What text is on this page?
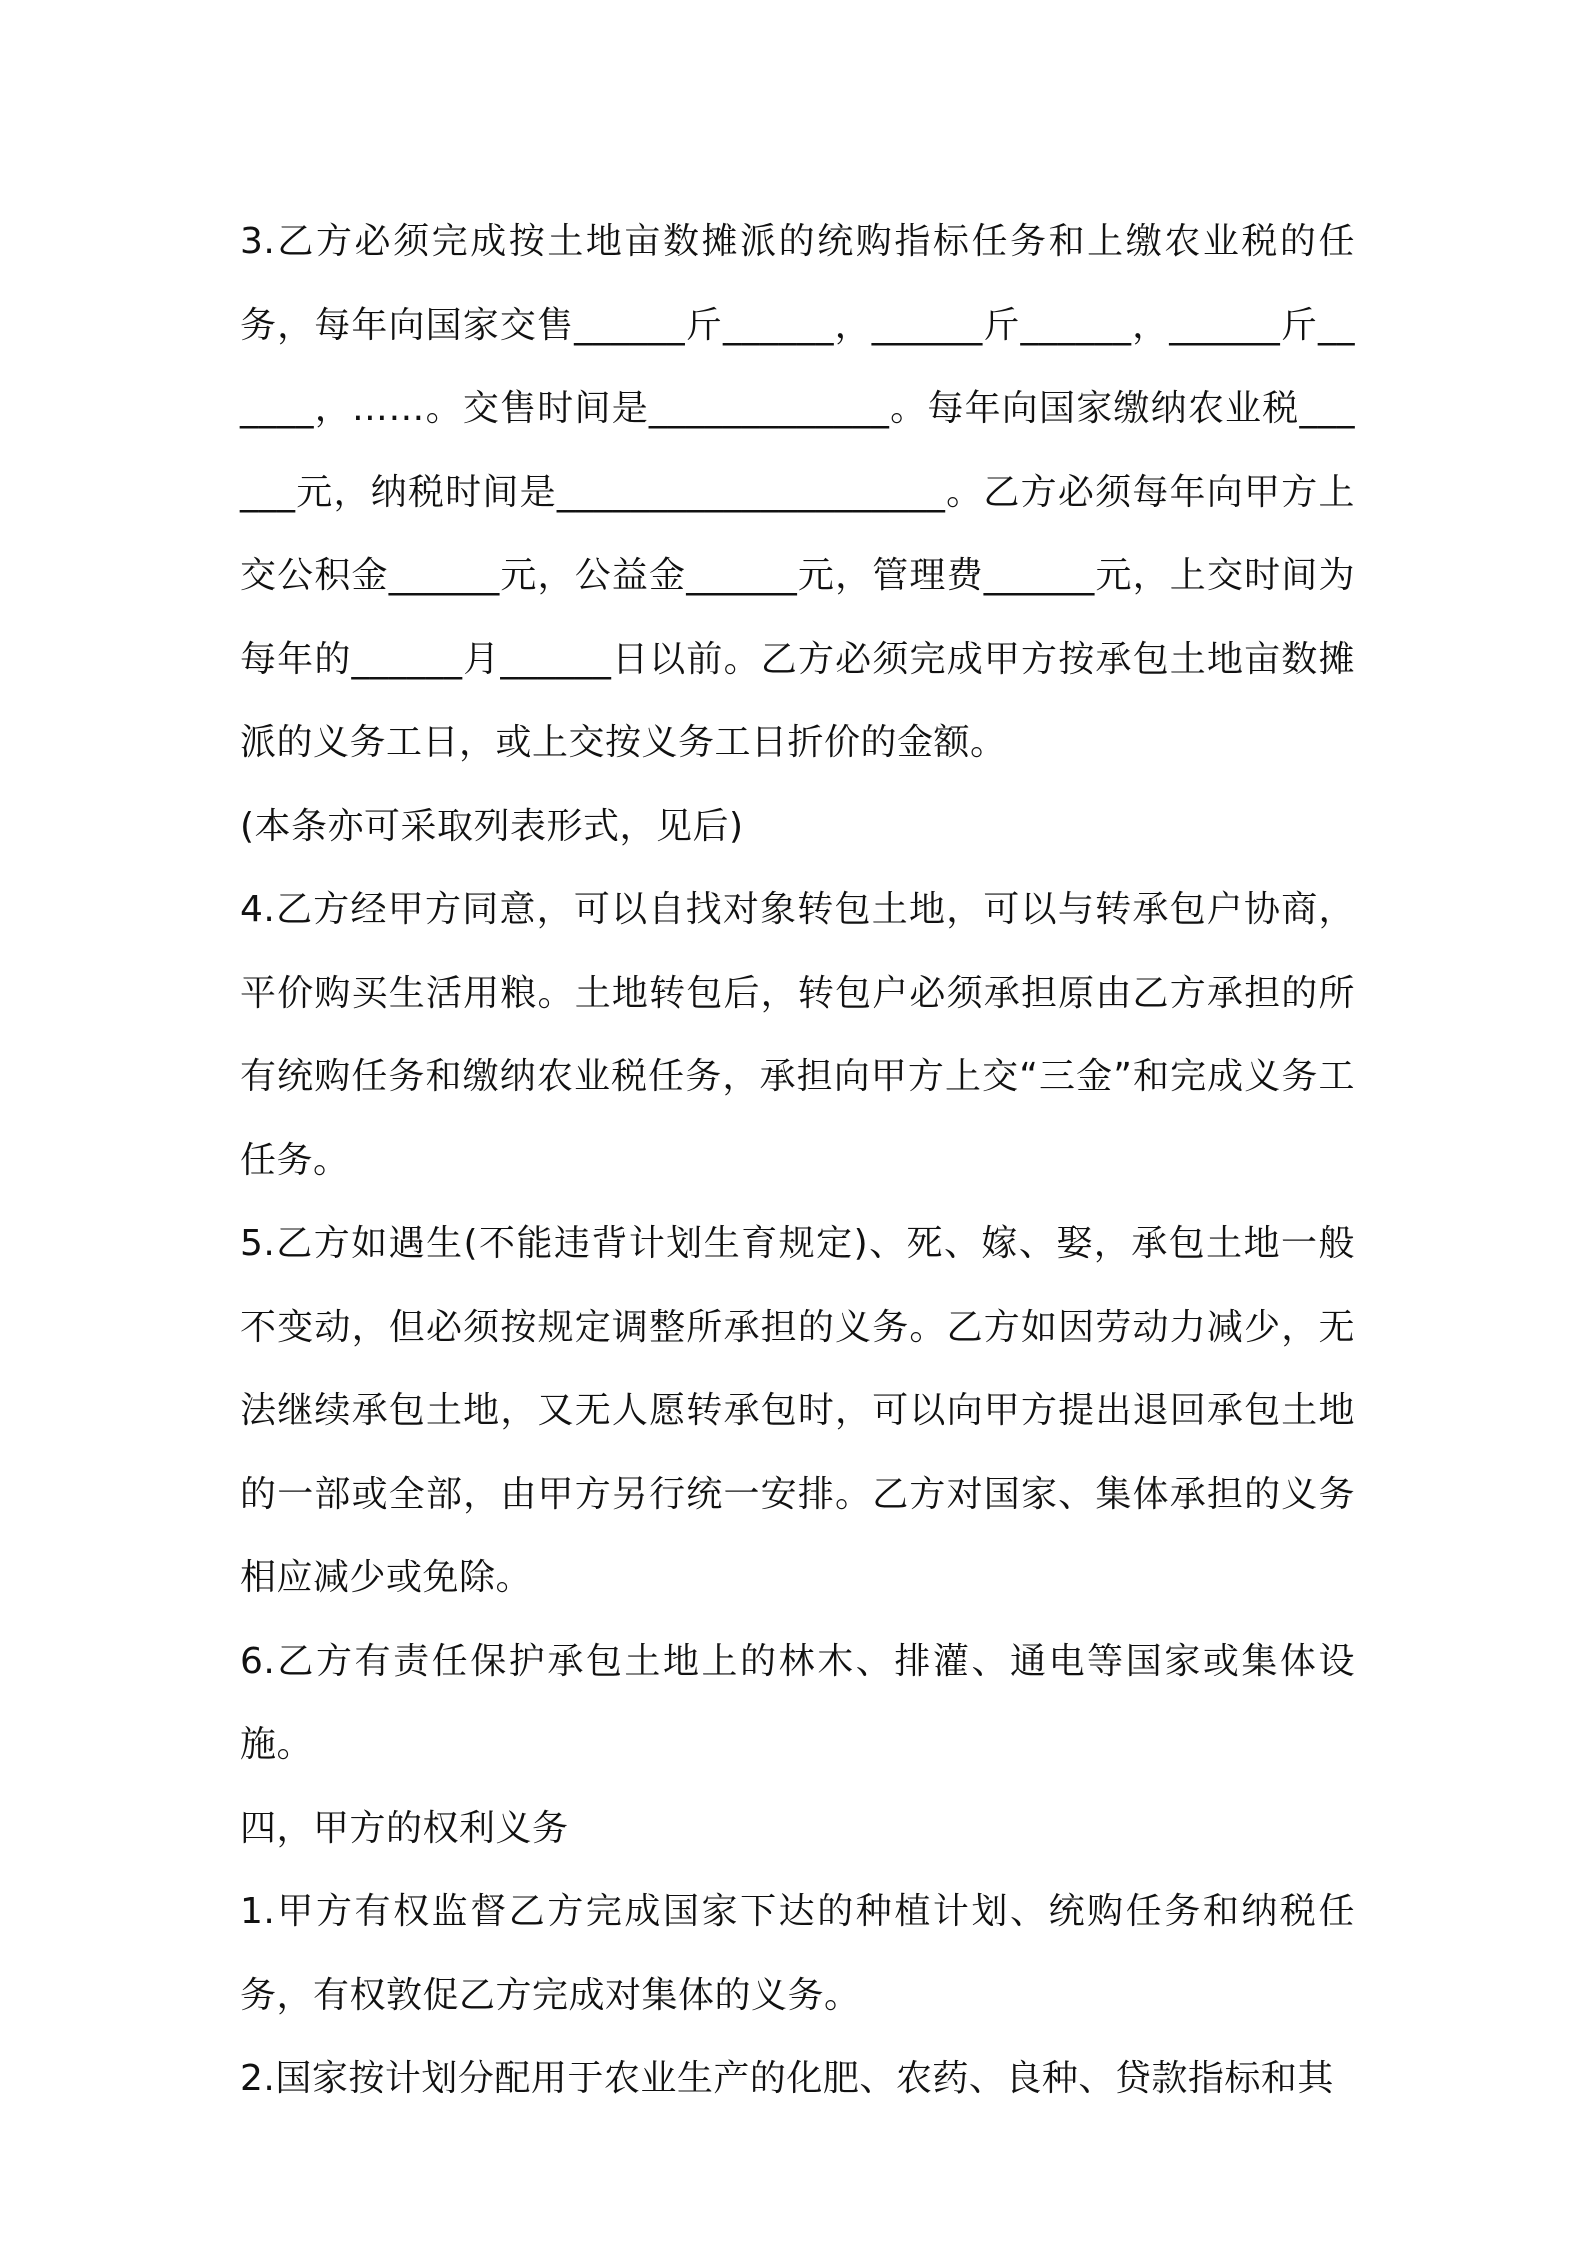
3.乙方必须完成按土地亩数摊派的统购指标任务和上缴农业税的任务，每年向国家交售______斤______，______斤______，______斤______，……。交售时间是_____________。每年向国家缴纳农业税______元，纳税时间是_____________________。乙方必须每年向甲方上交公积金______元，公益金______元，管理费______元，上交时间为每年的______月______日以前。乙方必须完成甲方按承包土地亩数摊派的义务工日，或上交按义务工日折价的金额。

(本条亦可采取列表形式，见后)

4.乙方经甲方同意，可以自找对象转包土地，可以与转承包户协商，平价购买生活用粮。土地转包后，转包户必须承担原由乙方承担的所有统购任务和缴纳农业税任务，承担向甲方上交“三金”和完成义务工任务。

5.乙方如遇生(不能违背计划生育规定)、死、嫁、娶，承包土地一般不变动，但必须按规定调整所承担的义务。乙方如因劳动力减少，无法继续承包土地，又无人愿转承包时，可以向甲方提出退回承包土地的一部或全部，由甲方另行统一安排。乙方对国家、集体承担的义务相应减少或免除。

6.乙方有责任保护承包土地上的林木、排灌、通电等国家或集体设施。

四，甲方的权利义务

1.甲方有权监督乙方完成国家下达的种植计划、统购任务和纳税任务，有权敦促乙方完成对集体的义务。

2.国家按计划分配用于农业生产的化肥、农药、良种、贷款指标和其
